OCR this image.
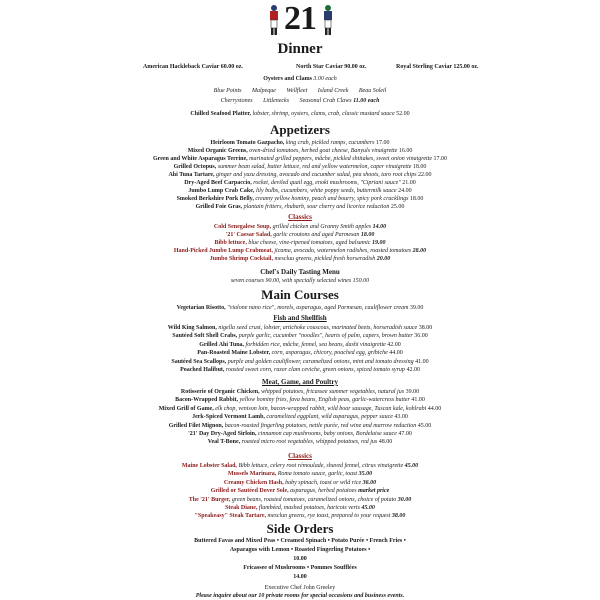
21
Dinner
American Hackleback Caviar 60.00 oz.	North Star Caviar 90.00 oz.	Royal Sterling Caviar 125.00 oz.
Oysters and Clams 3.00 each
Blue Points Malpeque Wellfleet Island Creek Beau Soleil
Cherrystones Littlenecks Seasonal Crab Claws 11.00 each
Chilled Seafood Platter, lobster, shrimp, oysters, clams, crab, classic mustard sauce 52.00
Appetizers
Heirloom Tomato Gazpacho, king crab, pickled ramps, cucumbers 17.00
Mixed Organic Greens, oven-dried tomatoes, herbed goat cheese, Banyuls vinaigrette 16.00
Green and White Asparagus Terrine, marinated grilled peppers, mâche, pickled shiitakes, sweet onion vinaigrette 17.00
Grilled Octopus, summer bean salad, butter lettuce, red and yellow watermelon, caper vinaigrette 18.00
Ahi Tuna Tartare, ginger and yuzu dressing, avocado and cucumber salad, pea shoots, taro root chips 22.00
Dry-Aged Beef Carpaccio, rocket, deviled quail egg, enoki mushrooms, "Cipriani sauce" 21.00
Jumbo Lump Crab Cake, lily bulbs, cucumbers, white poppy seeds, buttermilk sauce 24.00
Smoked Berkshire Pork Belly, creamy yellow hominy, peach and bourry, spicy pork cracklings 18.00
Grilled Foie Gras, plantain fritters, rhubarb, sour cherry and licorice reduction 25.00
Classics
Cold Senegalese Soup, grilled chicken and Granny Smith apples 14.00
'21' Caesar Salad, garlic croutons and aged Parmesan 18.00
Bibb lettuce, blue cheese, vine-ripened tomatoes, aged balsamic 19.00
Hand-Picked Jumbo Lump Crabmeat, jicama, avocado, watermelon radishes, roasted tomatoes 28.00
Jumbo Shrimp Cocktail, mescluu greens, pickled fresh horseradish 20.00
Chef's Daily Tasting Menu
seven courses 90.00, with specially selected wines 150.00
Main Courses
Vegetarian Risotto, "vialone nano rice", morels, asparagus, aged Parmesan, cauliflower cream 39.00
Fish and Shellfish
Wild King Salmon, nigella seed crust, lobster, artichoke couscous, marinated beets, horseradish sauce 38.00
Sautéed Soft Shell Crabs, purple garlic, cucumber "noodles", hearts of palm, capers, brown butter 36.00
Grilled Ahi Tuna, forbidden rice, mâche, fennel, sea beans, dashi vinaigrette 42.00
Pan-Roasted Maine Lobster, corn, asparagus, chicory, poached egg, gribiche 44.00
Sautéed Sea Scallops, purple and golden cauliflower, caramelized onions, mint and tomato dressing 41.00
Poached Halibut, roasted sweet corn, razor clam ceviche, green onions, spiced tomato syrup 42.00
Meat, Game, and Poultry
Rotisserie of Organic Chicken, whipped potatoes, fricassee summer vegetables, natural jus 39.00
Bacon-Wrapped Rabbit, yellow hominy fries, fava beans, English peas, garlic-watercress butter 41.00
Mixed Grill of Game, elk chop, venison loin, bacon-wrapped rabbit, wild boar sausage, Tuscan kale, kohlrabi 44.00
Jerk-Spiced Vermont Lamb, caramelized eggplant, wild asparagus, pepper sauce 43.00
Grilled Filet Mignon, bacon-roasted fingerling potatoes, nettle purée, red wine and marrow reduction 45.00
'21' Day Dry-Aged Sirloin, cinnamon cap mushrooms, baby onions, Bordelaise sauce 47.00
Veal T-Bone, roasted micro root vegetables, whipped potatoes, red jus 48.00
Classics
Maine Lobster Salad, Bibb lettuce, celery root rémoulade, shaved fennel, citrus vinaigrette 45.00
Mussels Marinara, Roma tomato sauce, garlic, toast 35.00
Creamy Chicken Hash, baby spinach, toast or wild rice 36.00
Grilled or Sautéed Dover Sole, asparagus, herbed potatoes market price
The '21' Burger, green beans, roasted tomatoes, caramelized onions, choice of potato 30.00
Steak Diane, flambéed, mashed potatoes, haricots verts 45.00
"Speakeasy" Steak Tartare, mesclun greens, rye toast, prepared to your request 38.00
Side Orders
Buttered Favas and Mixed Peas • Creamed Spinach • Potato Purée • French Fries •
Asparagus with Lemon • Roasted Fingerling Potatoes •
10.00
Fricassee of Mushrooms • Pommes Soufflées
14.00
Executive Chef John Greeley
Please inquire about our 10 private rooms for special occasions and business events.
